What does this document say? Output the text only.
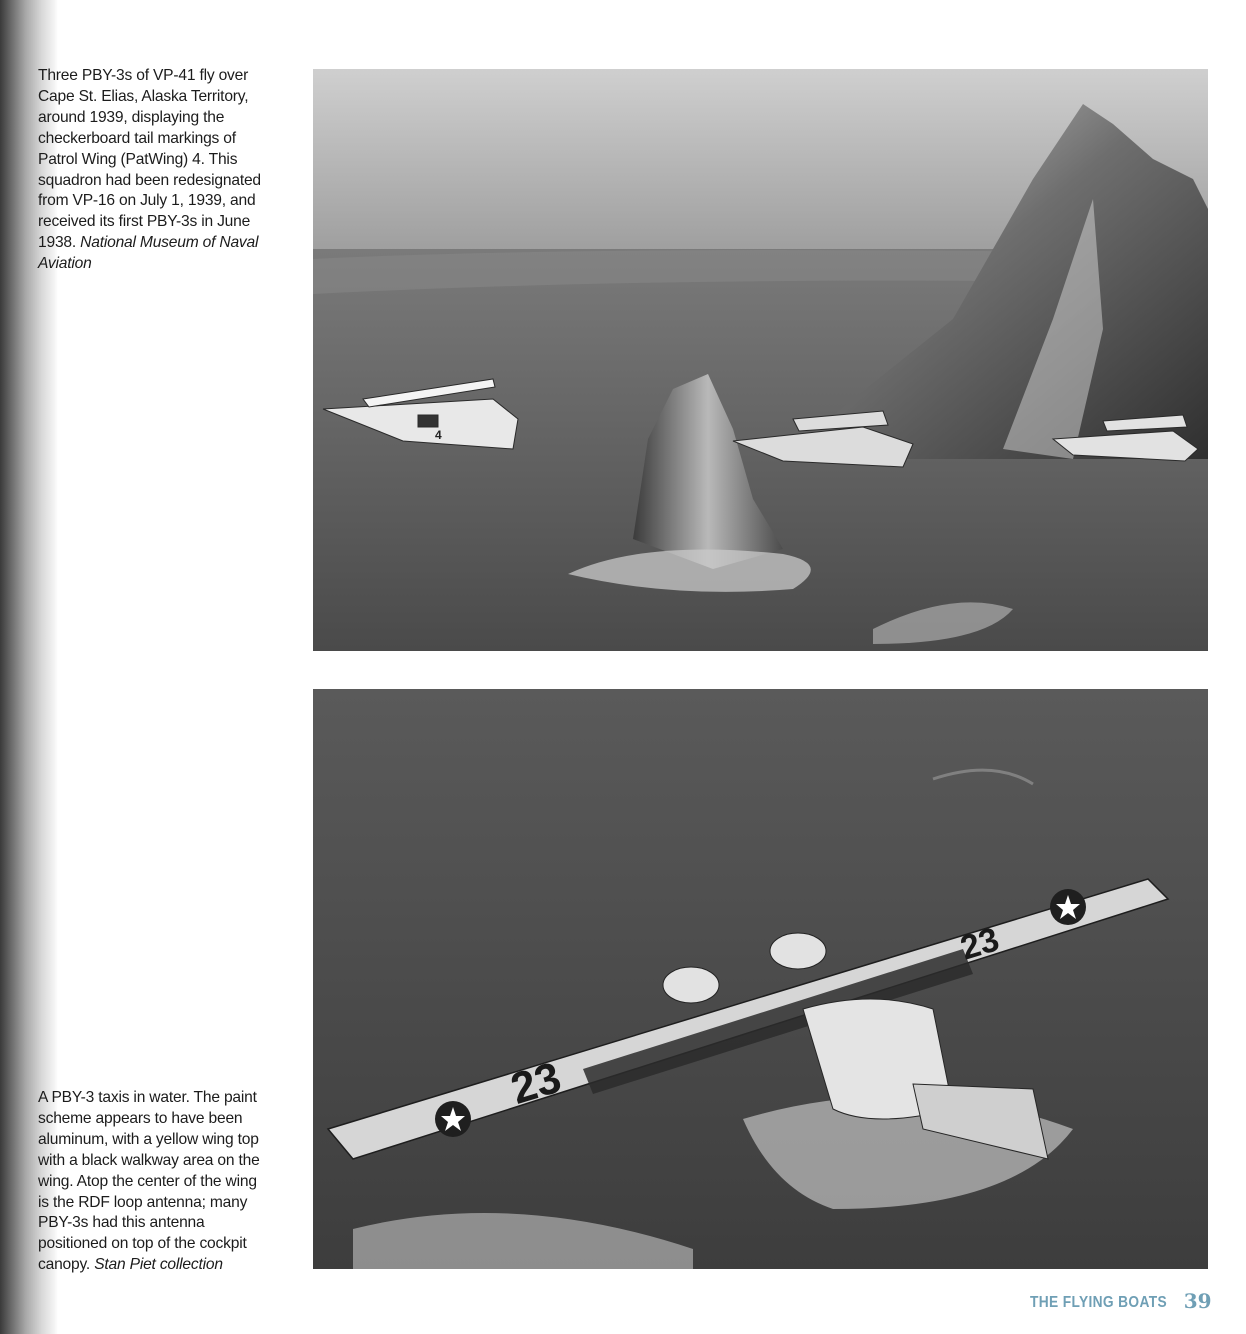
Three PBY-3s of VP-41 fly over Cape St. Elias, Alaska Territory, around 1939, displaying the checkerboard tail markings of Patrol Wing (PatWing) 4. This squadron had been redesignated from VP-16 on July 1, 1939, and received its first PBY-3s in June 1938. National Museum of Naval Aviation
4
A PBY-3 taxis in water. The paint scheme appears to have been aluminum, with a yellow wing top with a black walkway area on the wing. Atop the center of the wing is the RDF loop antenna; many PBY-3s had this antenna positioned on top of the cockpit canopy. Stan Piet collection
23
23
THE FLYING BOATS 39
